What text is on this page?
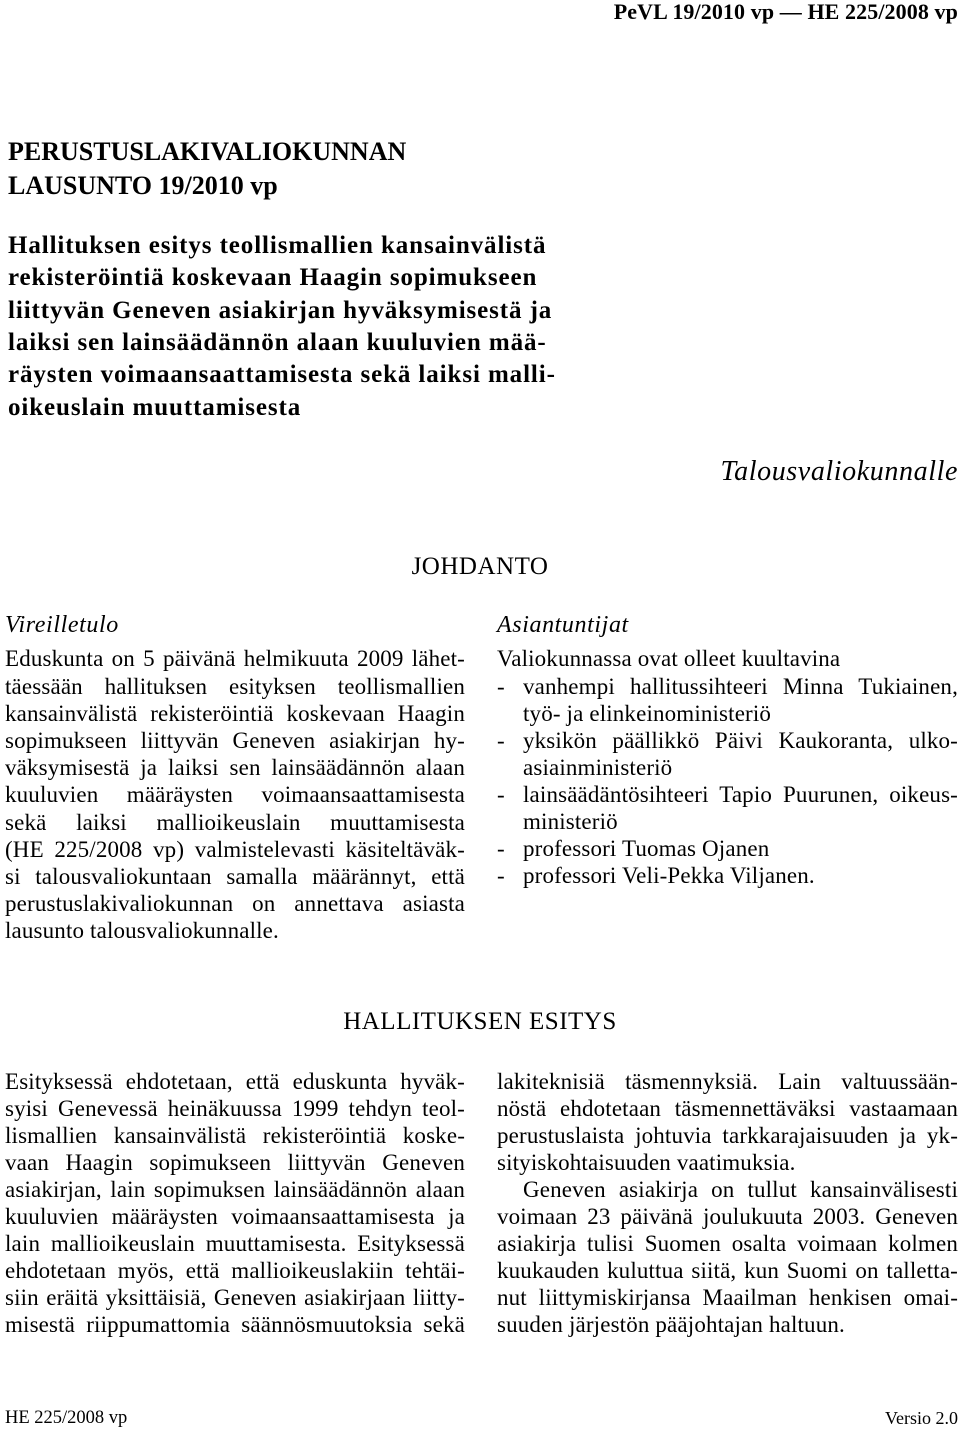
PeVL 19/2010 vp — HE 225/2008 vp
PERUSTUSLAKIVALIOKUNNAN
LAUSUNTO 19/2010 vp
Hallituksen esitys teollismallien kansainvälistä
rekisteröintiä koskevaan Haagin sopimukseen
liittyvän Geneven asiakirjan hyväksymisestä ja
laiksi sen lainsäädännön alaan kuuluvien mää-
räysten voimaansaattamisesta sekä laiksi malli-
oikeuslain muuttamisesta
Talousvaliokunnalle
JOHDANTO
Vireilletulo
Eduskunta on 5 päivänä helmikuuta 2009 lähet-
täessään hallituksen esityksen teollismallien
kansainvälistä rekisteröintiä koskevaan Haagin
sopimukseen liittyvän Geneven asiakirjan hy-
väksymisestä ja laiksi sen lainsäädännön alaan
kuuluvien määräysten voimaansaattamisesta
sekä laiksi mallioikeuslain muuttamisesta
(HE 225/2008 vp) valmistelevasti käsiteltäväk-
si talousvaliokuntaan samalla määrännyt, että
perustuslakivaliokunnan on annettava asiasta
lausunto talousvaliokunnalle.
Asiantuntijat
Valiokunnassa ovat olleet kuultavina
- vanhempi hallitussihteeri Minna Tukiainen,
työ- ja elinkeinoministeriö
- yksikön päällikkö Päivi Kaukoranta, ulko-
asiainministeriö
- lainsäädäntösihteeri Tapio Puurunen, oikeus-
ministeriö
- professori Tuomas Ojanen
- professori Veli-Pekka Viljanen.
HALLITUKSEN ESITYS
Esityksessä ehdotetaan, että eduskunta hyväk-
syisi Genevessä heinäkuussa 1999 tehdyn teol-
lismallien kansainvälistä rekisteröintiä koske-
vaan Haagin sopimukseen liittyvän Geneven
asiakirjan, lain sopimuksen lainsäädännön alaan
kuuluvien määräysten voimaansaattamisesta ja
lain mallioikeuslain muuttamisesta. Esityksessä
ehdotetaan myös, että mallioikeuslakiin tehtäi-
siin eräitä yksittäisiä, Geneven asiakirjaan liitty-
misestä riippumattomia säännösmuutoksia sekä
lakiteknisiä täsmennyksiä. Lain valtuussään-
nöstä ehdotetaan täsmennettäväksi vastaamaan
perustuslaista johtuvia tarkkarajaisuuden ja yk-
sityiskohtaisuuden vaatimuksia.
Geneven asiakirja on tullut kansainvälisesti
voimaan 23 päivänä joulukuuta 2003. Geneven
asiakirja tulisi Suomen osalta voimaan kolmen
kuukauden kuluttua siitä, kun Suomi on talletta-
nut liittymiskirjansa Maailman henkisen omai-
suuden järjestön pääjohtajan haltuun.
HE 225/2008 vp	Versio 2.0
